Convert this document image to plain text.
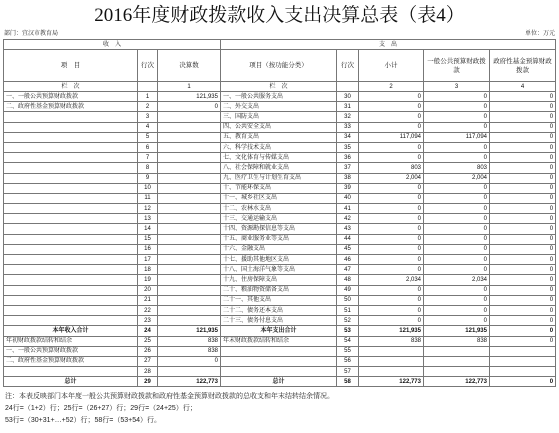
2016年度财政拨款收入支出决算总表（表4）
部门：宜汉市教育局	单位：万元
收　入			支　出				
项　目	行次	决算数	项目（按功能分类）	行次	小计	一般公共预算财政拨款	政府性基金预算财政拨款
栏　次		1	栏　次		2	3	4
一、一般公共预算财政拨款	1	121,935	一、一般公共服务支出	30	0	0	0
二、政府性基金预算财政拨款	2	0	二、外交支出	31	0	0	0
	3		三、国防支出	32	0	0	0
	4		四、公共安全支出	33	0	0	0
	5		五、教育支出	34	117,094	117,094	0
	6		六、科学技术支出	35	0	0	0
	7		七、文化体育与传媒支出	36	0	0	0
	8		八、社会保障和就业支出	37	803	803	0
	9		九、医疗卫生与计划生育支出	38	2,004	2,004	0
	10		十、节能环保支出	39	0	0	0
	11		十一、城乡社区支出	40	0	0	0
	12		十二、农林水支出	41	0	0	0
	13		十三、交通运输支出	42	0	0	0
	14		十四、资源勘探信息等支出	43	0	0	0
	15		十五、商业服务业等支出	44	0	0	0
	16		十六、金融支出	45	0	0	0
	17		十七、援助其他地区支出	46	0	0	0
	18		十八、国土海洋气象等支出	47	0	0	0
	19		十九、住房保障支出	48	2,034	2,034	0
	20		二十、粮油物资储备支出	49	0	0	0
	21		二十一、其他支出	50	0	0	0
	22		二十二、债务还本支出	51	0	0	0
	23		二十三、债务付息支出	52	0	0	0
本年收入合计	24	121,935	本年支出合计	53	121,935	121,935	0
年初财政拨款结转和结余	25	838	年末财政拨款结转和结余	54	838	838	0
一、一般公共预算财政拨款	26	838		55			
二、政府性基金预算财政拨款	27	0		56			
	28			57			
总计	29	122,773	总计	58	122,773	122,773	0
注：本表反映部门本年度一般公共预算财政拨款和政府性基金预算财政拨款的总收支和年末结转结余情况。
24行=（1+2）行；25行=（26+27）行；29行=（24+25）行；
53行=（30+31+…+52）行；58行=（53+54）行。
